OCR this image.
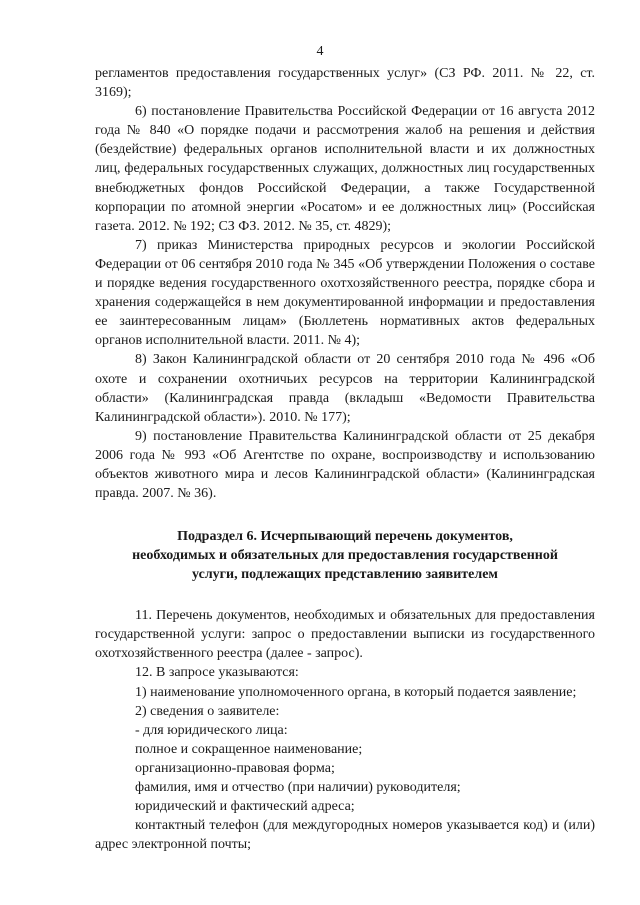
4

регламентов предоставления государственных услуг» (СЗ РФ. 2011. № 22, ст. 3169);

6) постановление Правительства Российской Федерации от 16 августа 2012 года № 840 «О порядке подачи и рассмотрения жалоб на решения и действия (бездействие) федеральных органов исполнительной власти и их должностных лиц, федеральных государственных служащих, должностных лиц государственных внебюджетных фондов Российской Федерации, а также Государственной корпорации по атомной энергии «Росатом» и ее должностных лиц» (Российская газета. 2012. № 192; СЗ ФЗ. 2012. № 35, ст. 4829);

7) приказ Министерства природных ресурсов и экологии Российской Федерации от 06 сентября 2010 года № 345 «Об утверждении Положения о составе и порядке ведения государственного охотхозяйственного реестра, порядке сбора и хранения содержащейся в нем документированной информации и предоставления ее заинтересованным лицам» (Бюллетень нормативных актов федеральных органов исполнительной власти. 2011. № 4);

8) Закон Калининградской области от 20 сентября 2010 года № 496 «Об охоте и сохранении охотничьих ресурсов на территории Калининградской области» (Калининградская правда (вкладыш «Ведомости Правительства Калининградской области»). 2010. № 177);

9) постановление Правительства Калининградской области от 25 декабря 2006 года № 993 «Об Агентстве по охране, воспроизводству и использованию объектов животного мира и лесов Калининградской области» (Калининградская правда. 2007. № 36).

Подраздел 6. Исчерпывающий перечень документов,
необходимых и обязательных для предоставления государственной
услуги, подлежащих представлению заявителем

11. Перечень документов, необходимых и обязательных для предоставления государственной услуги: запрос о предоставлении выписки из государственного охотхозяйственного реестра (далее - запрос).

12. В запросе указываются:

1) наименование уполномоченного органа, в который подается заявление;

2) сведения о заявителе:

- для юридического лица:

полное и сокращенное наименование;

организационно-правовая форма;

фамилия, имя и отчество (при наличии) руководителя;

юридический и фактический адреса;

контактный телефон (для междугородных номеров указывается код) и (или) адрес электронной почты;
